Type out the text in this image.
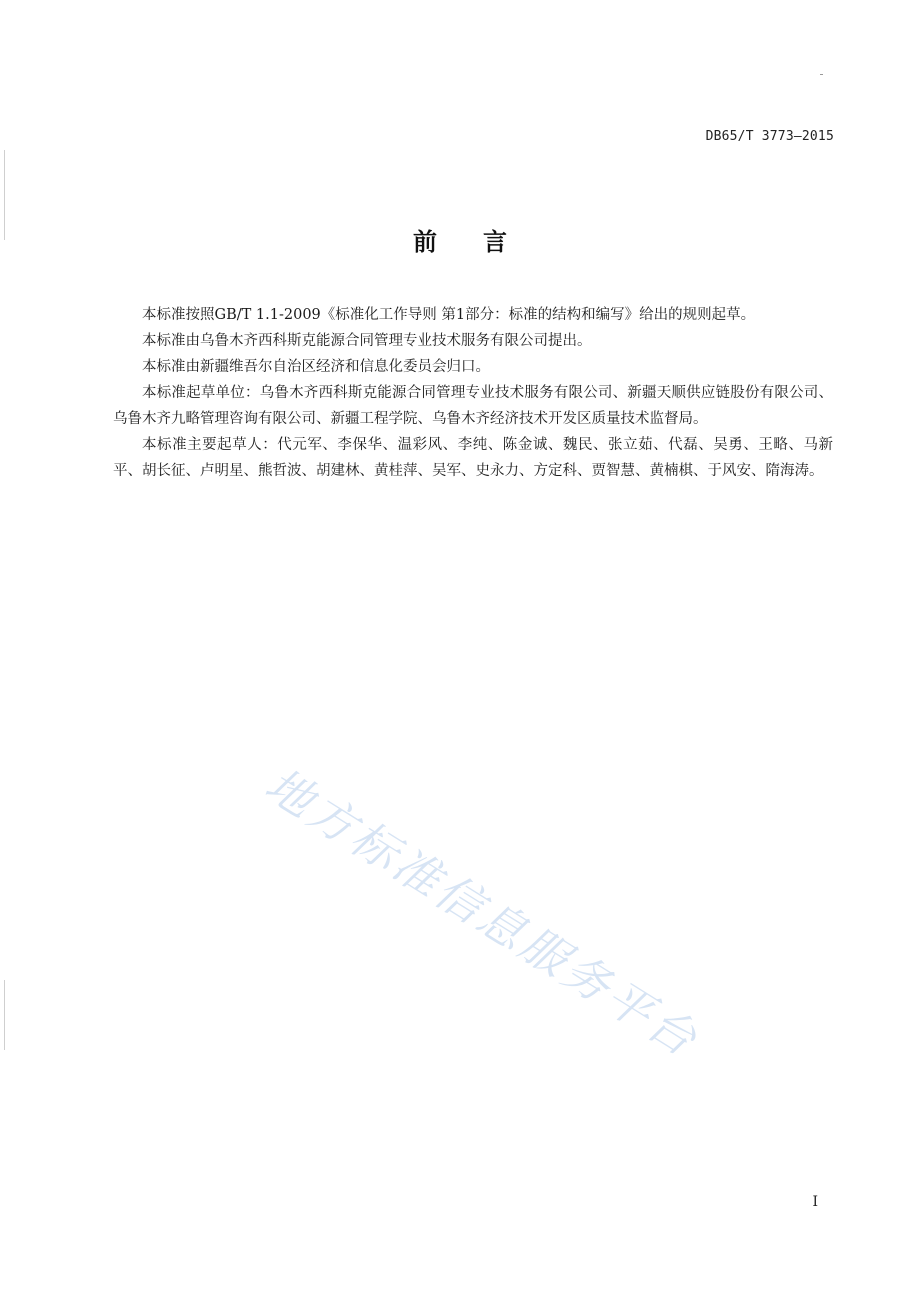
DB65/T 3773—2015
前言

本标准按照GB/T 1.1-2009《标准化工作导则 第1部分：标准的结构和编写》给出的规则起草。

本标准由乌鲁木齐西科斯克能源合同管理专业技术服务有限公司提出。

本标准由新疆维吾尔自治区经济和信息化委员会归口。

本标准起草单位：乌鲁木齐西科斯克能源合同管理专业技术服务有限公司、新疆天顺供应链股份有限公司、乌鲁木齐九略管理咨询有限公司、新疆工程学院、乌鲁木齐经济技术开发区质量技术监督局。

本标准主要起草人：代元军、李保华、温彩风、李纯、陈金诚、魏民、张立茹、代磊、吴勇、王略、马新平、胡长征、卢明星、熊哲波、胡建林、黄桂萍、吴军、史永力、方定科、贾智慧、黄楠棋、于风安、隋海涛。

地方标准信息服务平台
I
